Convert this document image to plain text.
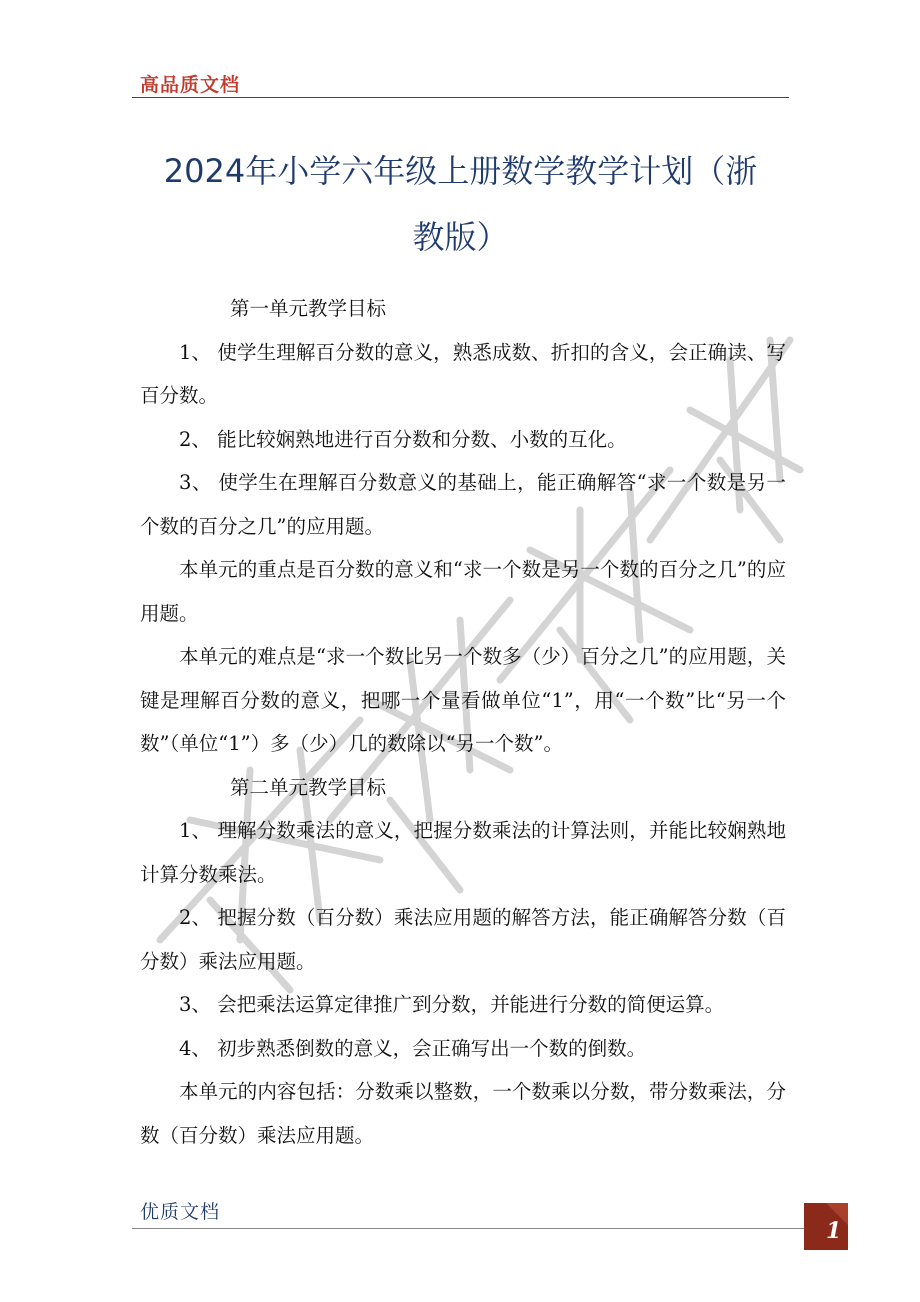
高品质文档
2024年小学六年级上册数学教学计划（浙
教版）

第一单元教学目标

1、 使学生理解百分数的意义，熟悉成数、折扣的含义，会正确读、写百分数。

2、 能比较娴熟地进行百分数和分数、小数的互化。

3、 使学生在理解百分数意义的基础上，能正确解答“求一个数是另一个数的百分之几”的应用题。

本单元的重点是百分数的意义和“求一个数是另一个数的百分之几”的应用题。

本单元的难点是“求一个数比另一个数多（少）百分之几”的应用题，关键是理解百分数的意义，把哪一个量看做单位“1”，用“一个数”比“另一个数”（单位“1”）多（少）几的数除以“另一个数”。

第二单元教学目标

1、 理解分数乘法的意义，把握分数乘法的计算法则，并能比较娴熟地计算分数乘法。

2、 把握分数（百分数）乘法应用题的解答方法，能正确解答分数（百分数）乘法应用题。

3、 会把乘法运算定律推广到分数，并能进行分数的简便运算。

4、 初步熟悉倒数的意义，会正确写出一个数的倒数。

本单元的内容包括：分数乘以整数，一个数乘以分数，带分数乘法，分数（百分数）乘法应用题。

优质文档
1
